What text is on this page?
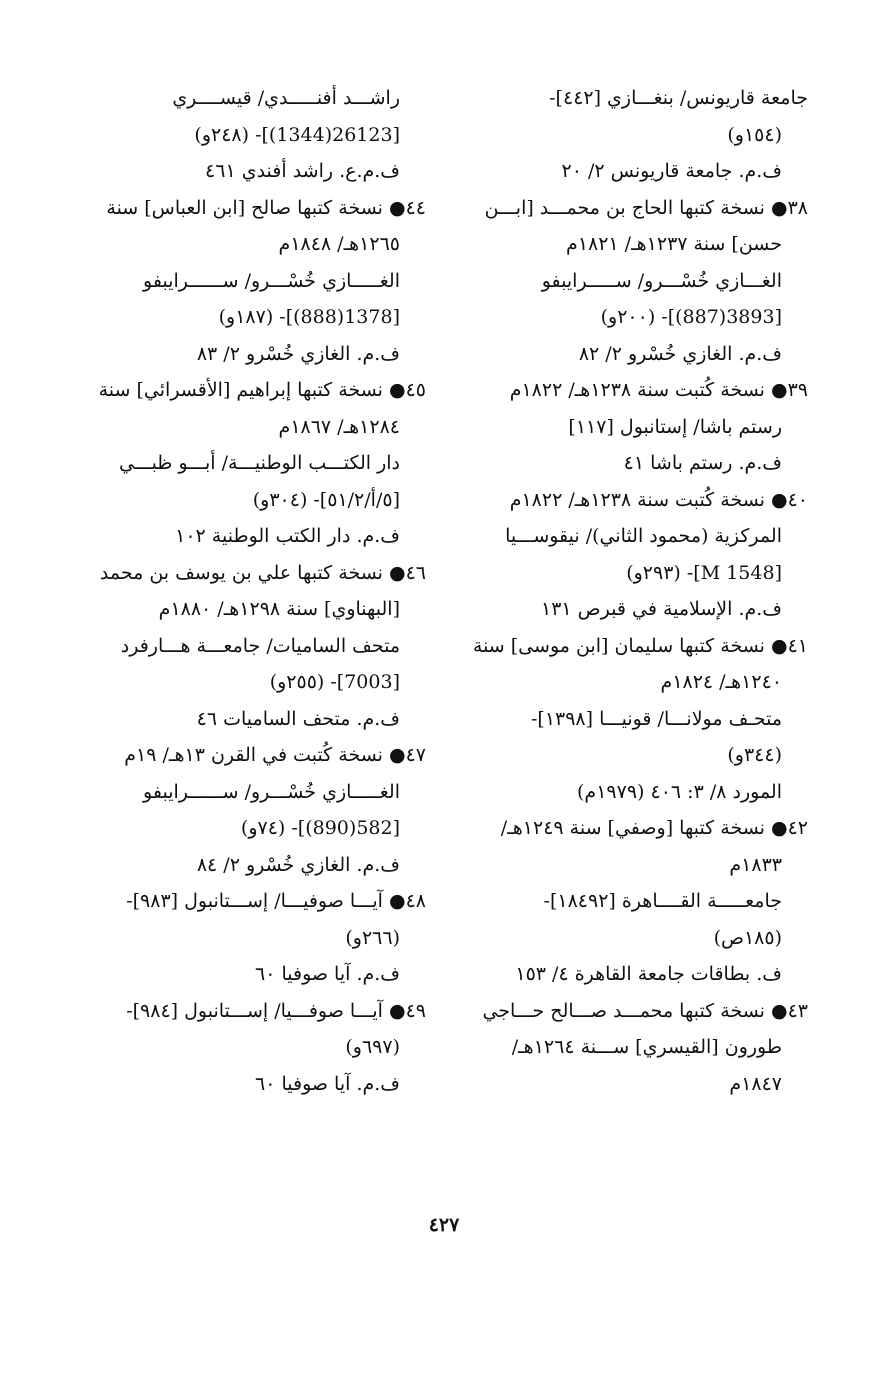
جامعة قاريونس/ بنغـــازي [٤٤٢]-
(١٥٤و)
ف.م. جامعة قاريونس ٢/ ٢٠
٣٨● نسخة كتبها الحاج بن محمـــد [ابـــن
حسن] سنة ١٢٣٧هـ/ ١٨٢١م
الغـــازي خُسْـــرو/ ســـــرايبفو
[3893(887)]- (٢٠٠و)
ف.م. الغازي خُسْرو ٢/ ٨٢
٣٩● نسخة كُتبت سنة ١٢٣٨هـ/ ١٨٢٢م
رستم باشا/ إستانبول [١١٧]
ف.م. رستم باشا ٤١
٤٠● نسخة كُتبت سنة ١٢٣٨هـ/ ١٨٢٢م
المركزية (محمود الثاني)/ نيقوســـيا
[M 1548]- (٢٩٣و)
ف.م. الإسلامية في قبرص ١٣١
٤١● نسخة كتبها سليمان [ابن موسى] سنة
١٢٤٠هـ/ ١٨٢٤م
متحـف مولانـــا/ قونيـــا [١٣٩٨]-
(٣٤٤و)
المورد ٨/ ٣: ٤٠٦ (١٩٧٩م)
٤٢● نسخة كتبها [وصفي] سنة ١٢٤٩هـ/
١٨٣٣م
جامعـــــة القــــاهرة [١٨٤٩٢]-
(١٨٥ص)
ف. بطاقات جامعة القاهرة ٤/ ١٥٣
٤٣● نسخة كتبها محمـــد صـــالح حـــاجي
طورون [القيسري] ســـنة ١٢٦٤هـ/
١٨٤٧م
راشـــد أفنـــــدي/ قيســــري
[26123(1344)]- (٢٤٨و)
ف.م.ع. راشد أفندي ٤٦١
٤٤● نسخة كتبها صالح [ابن العباس] سنة
١٢٦٥هـ/ ١٨٤٨م
الغـــــازي خُسْـــرو/ ســــــرايبفو
[1378(888)]- (١٨٧و)
ف.م. الغازي خُسْرو ٢/ ٨٣
٤٥● نسخة كتبها إبراهيم [الأقسرائي] سنة
١٢٨٤هـ/ ١٨٦٧م
دار الكتـــب الوطنيـــة/ أبـــو ظبـــي
[٥/أ/٥١/٢]- (٣٠٤و)
ف.م. دار الكتب الوطنية ١٠٢
٤٦● نسخة كتبها علي بن يوسف بن محمد
[البهناوي] سنة ١٢٩٨هـ/ ١٨٨٠م
متحف الساميات/ جامعـــة هـــارفرد
[7003]- (٢٥٥و)
ف.م. متحف الساميات ٤٦
٤٧● نسخة كُتبت في القرن ١٣هـ/ ١٩م
الغـــــازي خُسْـــرو/ ســــــرايبفو
[582(890)]- (٧٤و)
ف.م. الغازي خُسْرو ٢/ ٨٤
٤٨● آيـــا صوفيـــا/ إســـتانبول [٩٨٣]-
(٢٦٦و)
ف.م. آيا صوفيا ٦٠
٤٩● آيـــا صوفـــيا/ إســـتانبول [٩٨٤]-
(٦٩٧و)
ف.م. آيا صوفيا ٦٠
٤٢٧
